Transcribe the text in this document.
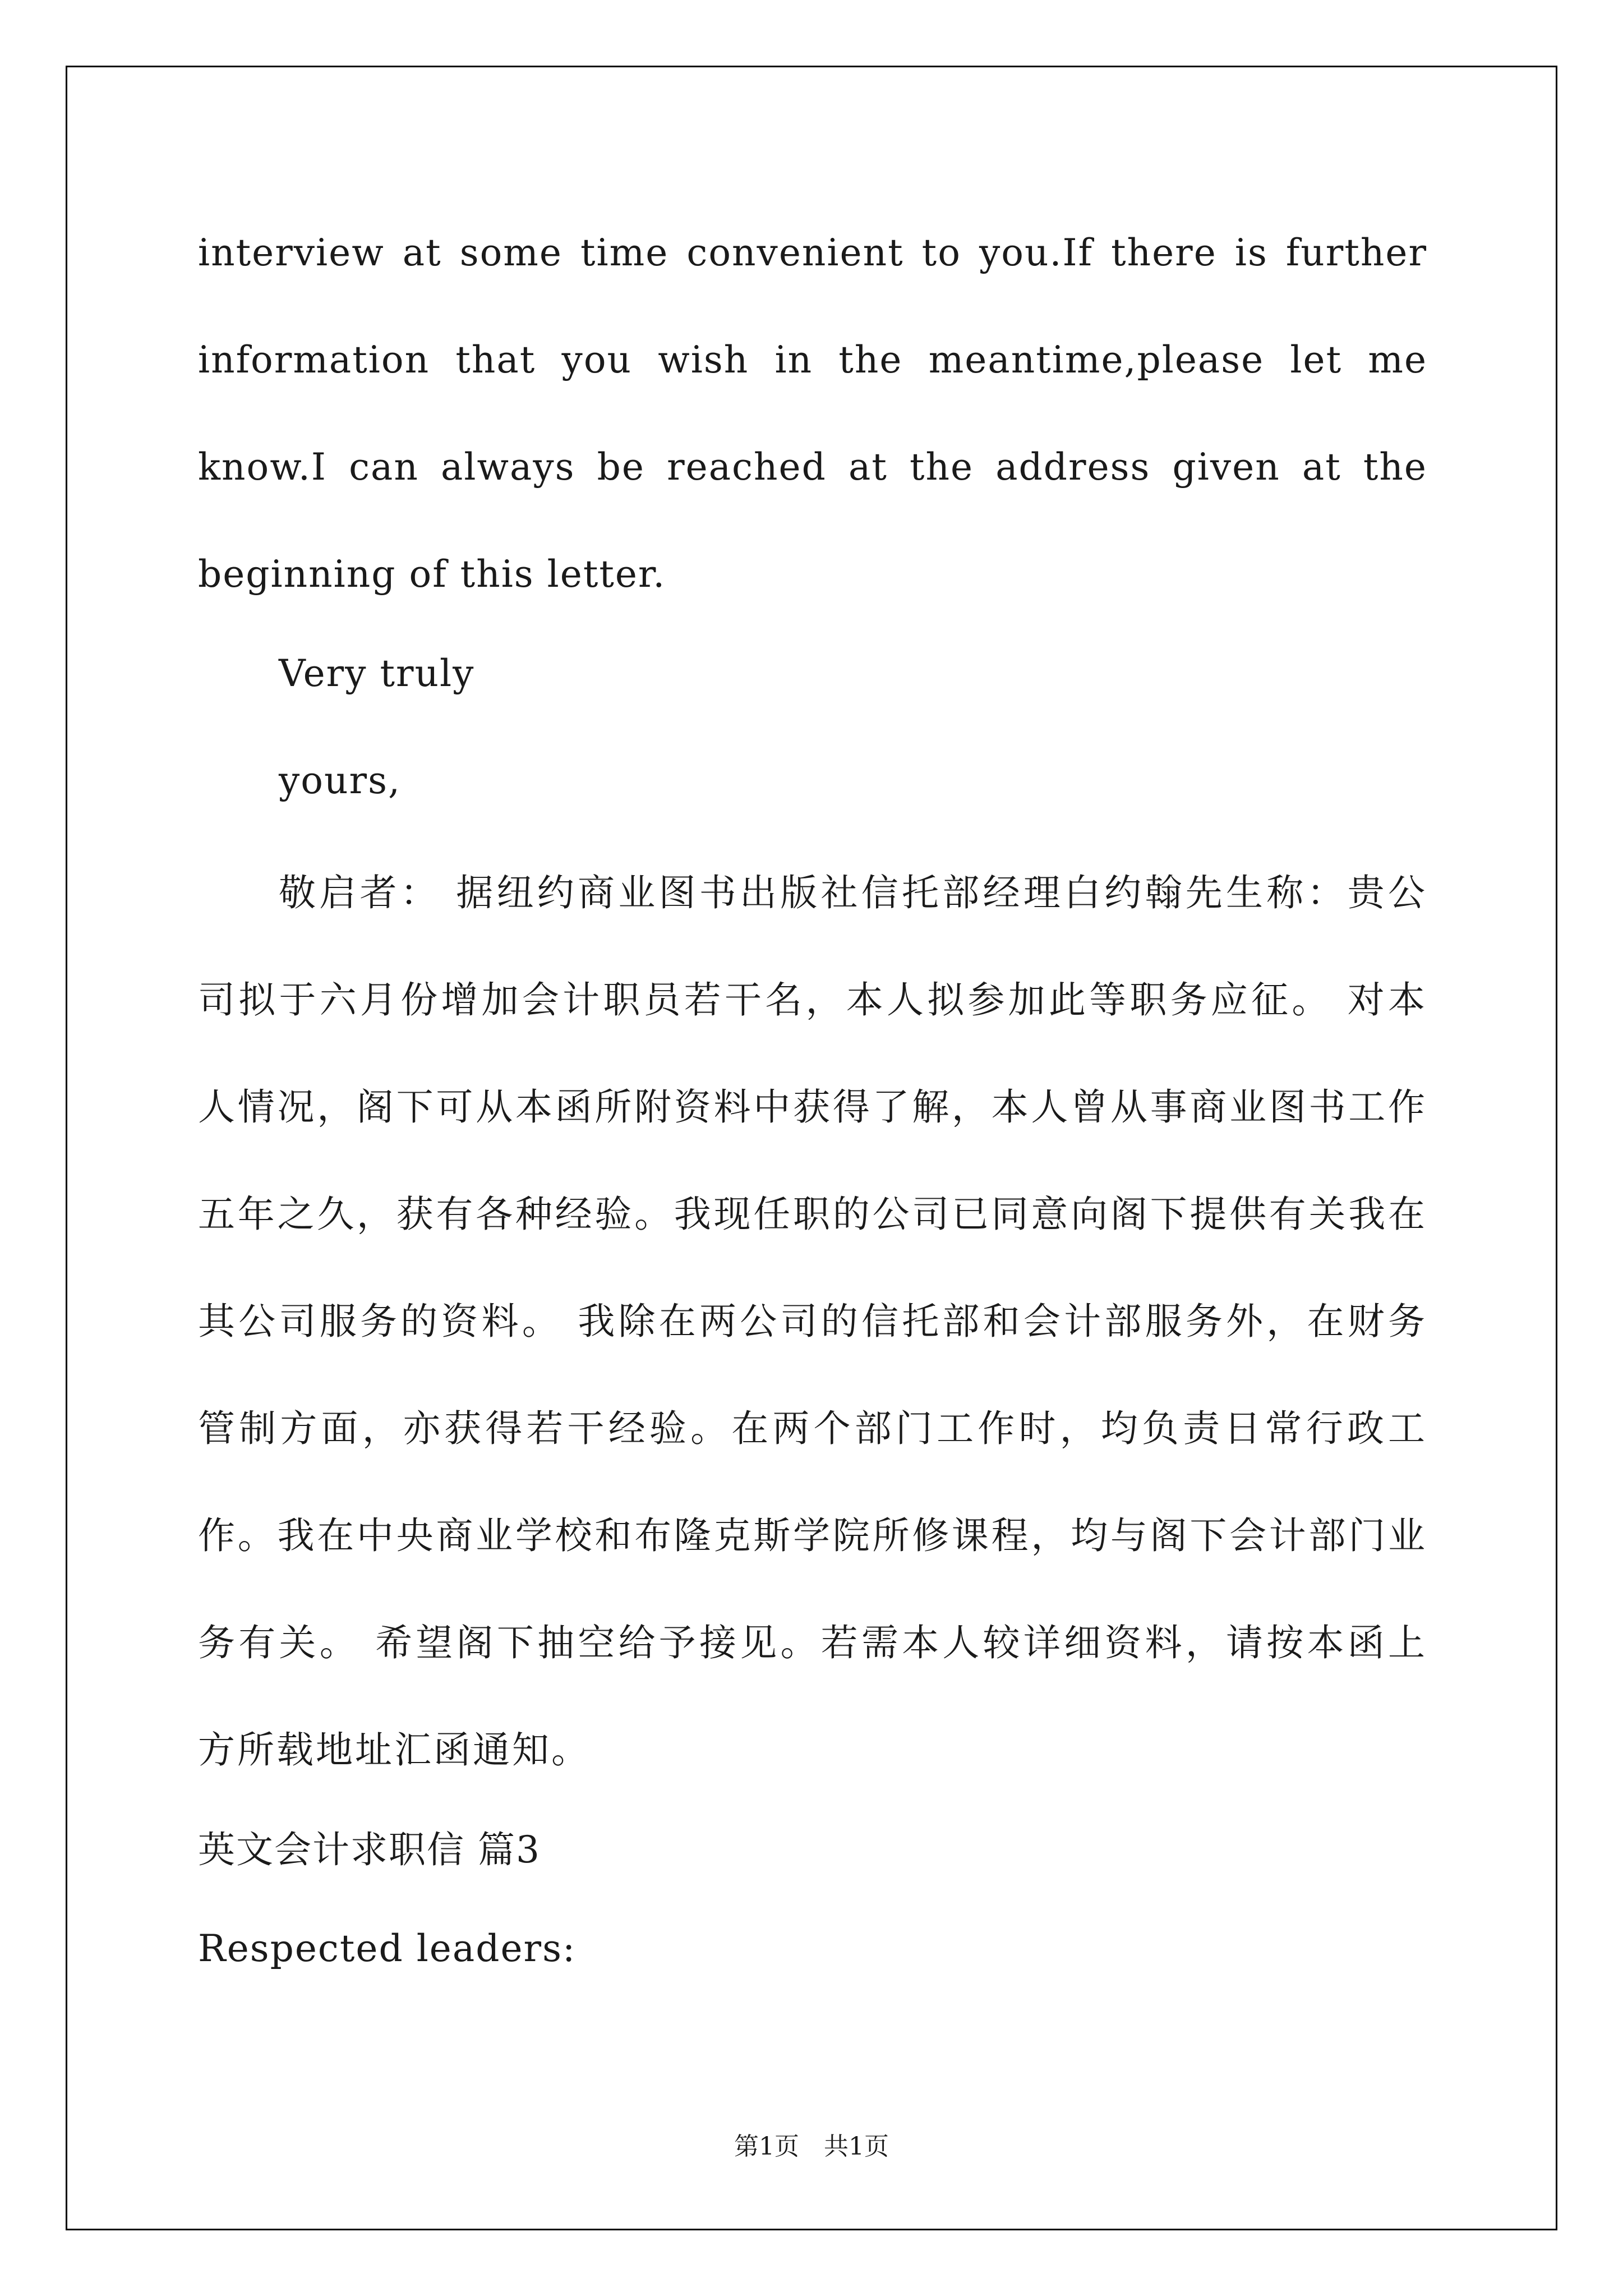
interview at some time convenient to you.If there is further information that you wish in the meantime,please let me know.I can always be reached at the address given at the beginning of this letter.

Very truly
yours,

敬启者： 据纽约商业图书出版社信托部经理白约翰先生称：贵公司拟于六月份增加会计职员若干名，本人拟参加此等职务应征。 对本人情况，阁下可从本函所附资料中获得了解，本人曾从事商业图书工作五年之久，获有各种经验。我现任职的公司已同意向阁下提供有关我在其公司服务的资料。 我除在两公司的信托部和会计部服务外，在财务管制方面，亦获得若干经验。在两个部门工作时，均负责日常行政工作。我在中央商业学校和布隆克斯学院所修课程，均与阁下会计部门业务有关。 希望阁下抽空给予接见。若需本人较详细资料，请按本函上方所载地址汇函通知。

英文会计求职信 篇3
Respected leaders:
第1页　共1页
